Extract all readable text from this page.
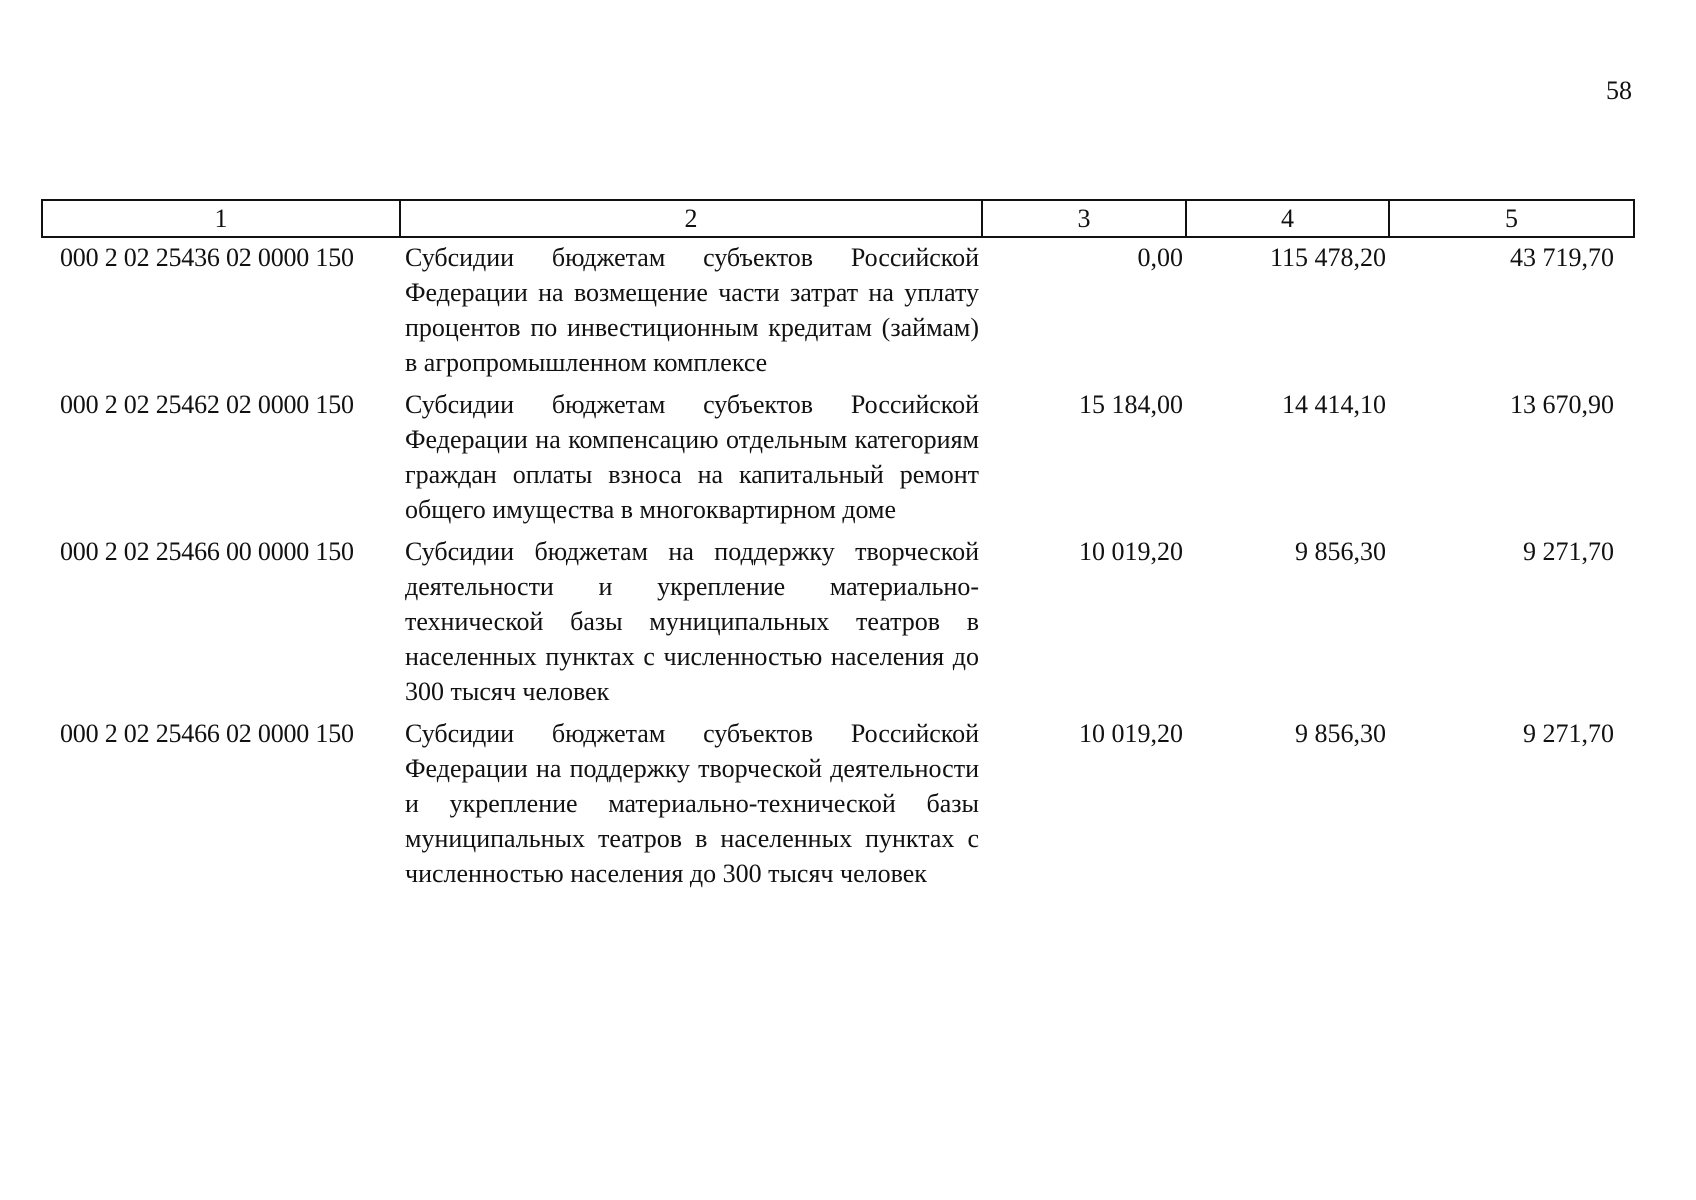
58
1	2	3	4	5
000 2 02 25436 02 0000 150	Субсидии бюджетам субъектов Российской Федерации на возмещение части затрат на уплату процентов по инвестиционным кредитам (займам) в агропромышленном комплексе	0,00	115 478,20	43 719,70
000 2 02 25462 02 0000 150	Субсидии бюджетам субъектов Российской Федерации на компенсацию отдельным категориям граждан оплаты взноса на капитальный ремонт общего имущества в многоквартирном доме	15 184,00	14 414,10	13 670,90
000 2 02 25466 00 0000 150	Субсидии бюджетам на поддержку творческой деятельности и укрепление материально-технической базы муниципальных театров в населенных пунктах с численностью населения до 300 тысяч человек	10 019,20	9 856,30	9 271,70
000 2 02 25466 02 0000 150	Субсидии бюджетам субъектов Российской Федерации на поддержку творческой деятельности и укрепление материально-технической базы муниципальных театров в населенных пунктах с численностью населения до 300 тысяч человек	10 019,20	9 856,30	9 271,70
